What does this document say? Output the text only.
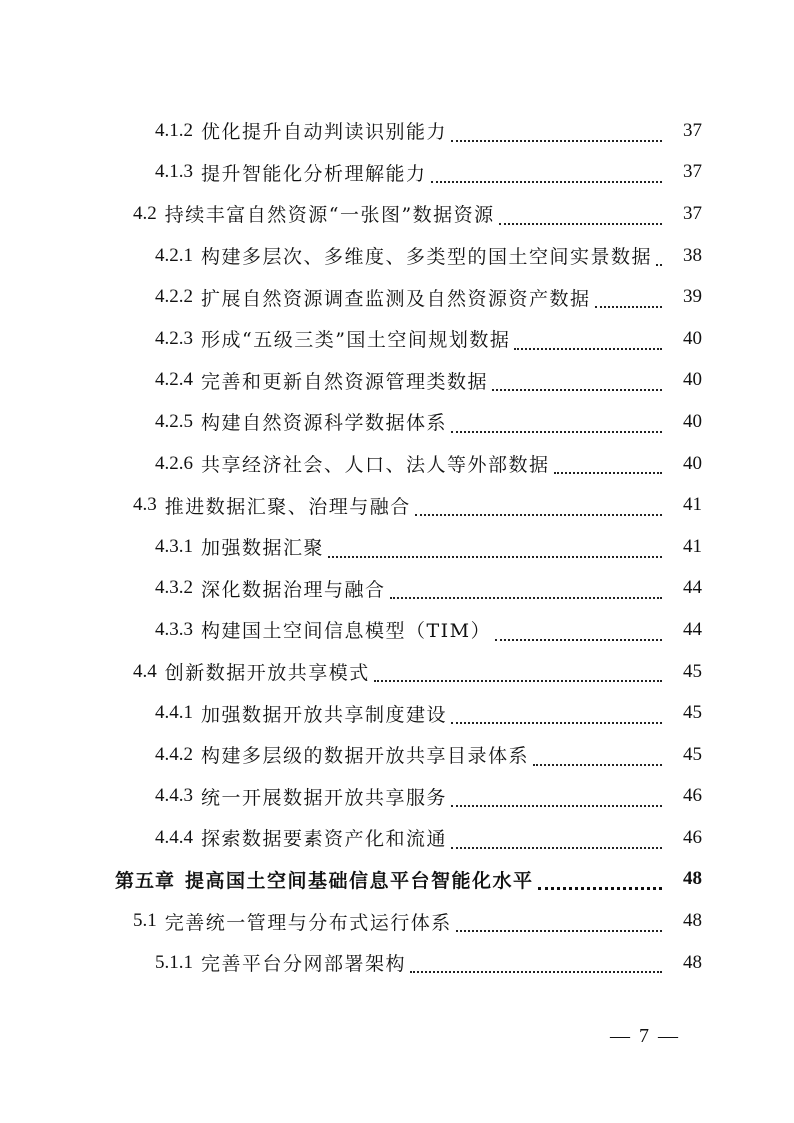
4.1.2 优化提升自动判读识别能力	37
4.1.3 提升智能化分析理解能力	37
4.2 持续丰富自然资源“一张图”数据资源	37
4.2.1 构建多层次、多维度、多类型的国土空间实景数据	38
4.2.2 扩展自然资源调查监测及自然资源资产数据	39
4.2.3 形成“五级三类”国土空间规划数据	40
4.2.4 完善和更新自然资源管理类数据	40
4.2.5 构建自然资源科学数据体系	40
4.2.6 共享经济社会、人口、法人等外部数据	40
4.3 推进数据汇聚、治理与融合	41
4.3.1 加强数据汇聚	41
4.3.2 深化数据治理与融合	44
4.3.3 构建国土空间信息模型（TIM）	44
4.4 创新数据开放共享模式	45
4.4.1 加强数据开放共享制度建设	45
4.4.2 构建多层级的数据开放共享目录体系	45
4.4.3 统一开展数据开放共享服务	46
4.4.4 探索数据要素资产化和流通	46
第五章 提高国土空间基础信息平台智能化水平	48
5.1 完善统一管理与分布式运行体系	48
5.1.1 完善平台分网部署架构	48
— 7 —
